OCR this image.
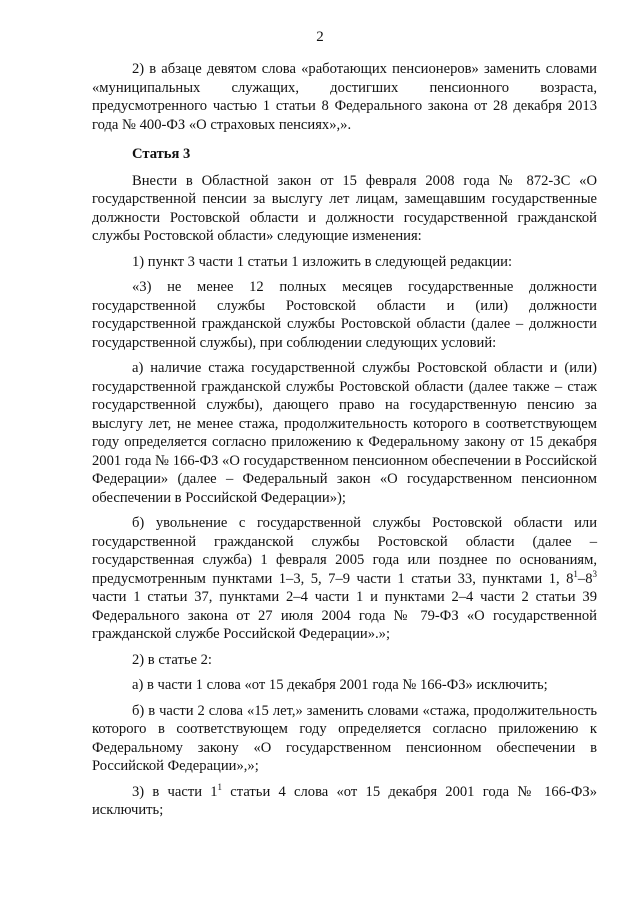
2

2) в абзаце девятом слова «работающих пенсионеров» заменить словами «муниципальных служащих, достигших пенсионного возраста, предусмотренного частью 1 статьи 8 Федерального закона от 28 декабря 2013 года № 400-ФЗ «О страховых пенсиях»,».

Статья 3

Внести в Областной закон от 15 февраля 2008 года № 872-ЗС «О государственной пенсии за выслугу лет лицам, замещавшим государственные должности Ростовской области и должности государственной гражданской службы Ростовской области» следующие изменения:

1) пункт 3 части 1 статьи 1 изложить в следующей редакции:

«3) не менее 12 полных месяцев государственные должности государственной службы Ростовской области и (или) должности государственной гражданской службы Ростовской области (далее – должности государственной службы), при соблюдении следующих условий:

а) наличие стажа государственной службы Ростовской области и (или) государственной гражданской службы Ростовской области (далее также – стаж государственной службы), дающего право на государственную пенсию за выслугу лет, не менее стажа, продолжительность которого в соответствующем году определяется согласно приложению к Федеральному закону от 15 декабря 2001 года № 166-ФЗ «О государственном пенсионном обеспечении в Российской Федерации» (далее – Федеральный закон «О государственном пенсионном обеспечении в Российской Федерации»);

б) увольнение с государственной службы Ростовской области или государственной гражданской службы Ростовской области (далее – государственная служба) 1 февраля 2005 года или позднее по основаниям, предусмотренным пунктами 1–3, 5, 7–9 части 1 статьи 33, пунктами 1, $8^1-8^3$ части 1 статьи 37, пунктами 2–4 части 1 и пунктами 2–4 части 2 статьи 39 Федерального закона от 27 июля 2004 года № 79-ФЗ «О государственной гражданской службе Российской Федерации».»;

2) в статье 2:

а) в части 1 слова «от 15 декабря 2001 года № 166-ФЗ» исключить;

б) в части 2 слова «15 лет,» заменить словами «стажа, продолжительность которого в соответствующем году определяется согласно приложению к Федеральному закону «О государственном пенсионном обеспечении в Российской Федерации»,»;

3) в части $1^1$ статьи 4 слова «от 15 декабря 2001 года № 166-ФЗ» исключить;
